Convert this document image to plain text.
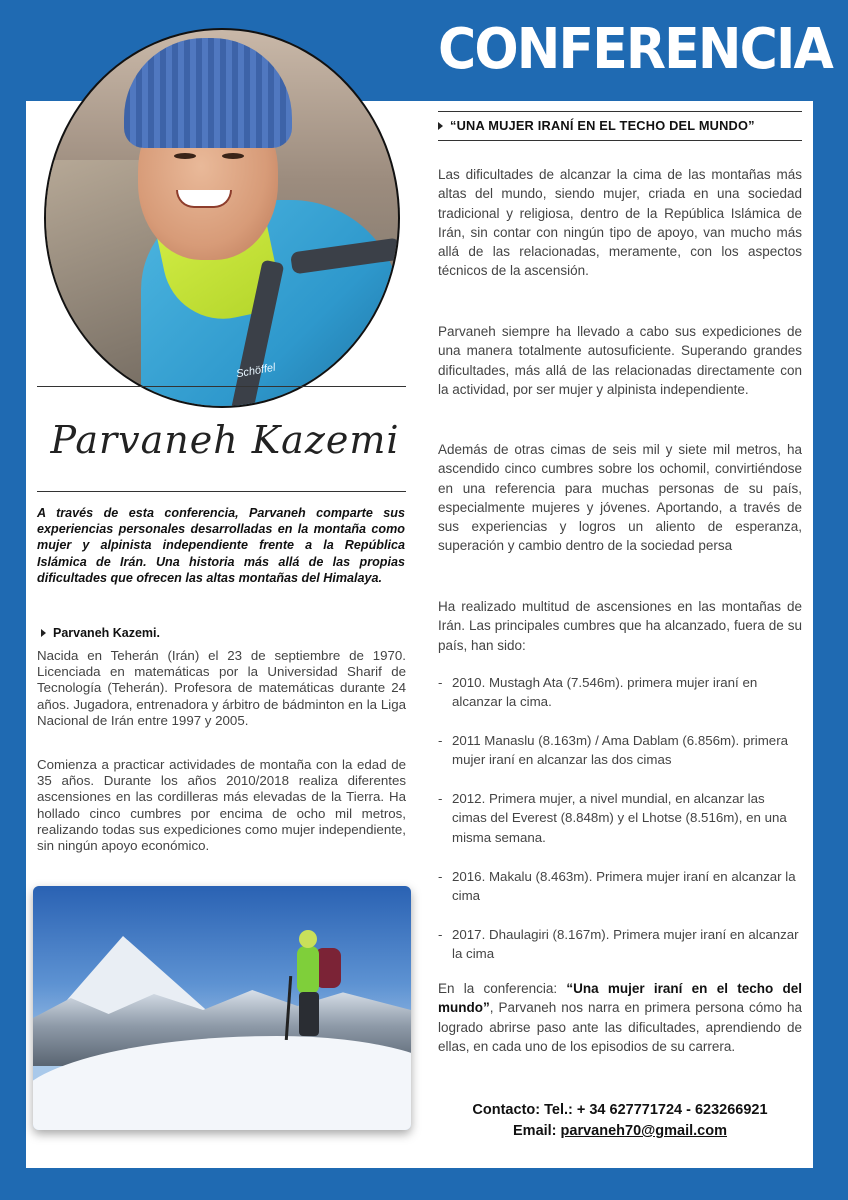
CONFERENCIA
Schöffel
Parvaneh Kazemi
A través de esta conferencia, Parvaneh comparte sus experiencias personales desarrolladas en la montaña como mujer y alpinista independiente frente a la República Islámica de Irán. Una historia más allá de las propias dificultades que ofrecen las altas montañas del Himalaya.
Parvaneh Kazemi.
Nacida en Teherán (Irán) el 23 de septiembre de 1970. Licenciada en matemáticas por la Universidad Sharif de Tecnología (Teherán). Profesora de matemáticas durante 24 años. Jugadora, entrenadora y árbitro de bádminton en la Liga Nacional de Irán entre 1997 y 2005.
Comienza a practicar actividades de montaña con la edad de 35 años. Durante los años 2010/2018 realiza diferentes ascensiones en las cordilleras más elevadas de la Tierra. Ha hollado cinco cumbres por encima de ocho mil metros, realizando todas sus expediciones como mujer independiente, sin ningún apoyo económico.
“UNA MUJER IRANÍ EN EL TECHO DEL MUNDO”
Las dificultades de alcanzar la cima de las montañas más altas del mundo, siendo mujer, criada en una sociedad tradicional y religiosa, dentro de la República Islámica de Irán, sin contar con ningún tipo de apoyo, van mucho más allá de las relacionadas, meramente, con los aspectos técnicos de la ascensión.
Parvaneh siempre ha llevado a cabo sus expediciones de una manera totalmente autosuficiente. Superando grandes dificultades, más allá de las relacionadas directamente con la actividad, por ser mujer y alpinista independiente.
Además de otras cimas de seis mil y siete mil metros, ha ascendido cinco cumbres sobre los ochomil, convirtiéndose en una referencia para muchas personas de su país, especialmente mujeres y jóvenes. Aportando, a través de sus experiencias y logros un aliento de esperanza, superación y cambio dentro de la sociedad persa
Ha realizado multitud de ascensiones en las montañas de Irán. Las principales cumbres que ha alcanzado, fuera de su país, han sido:
- 2010. Mustagh Ata (7.546m). primera mujer iraní en alcanzar la cima.
- 2011 Manaslu (8.163m) / Ama Dablam (6.856m). primera mujer iraní en alcanzar las dos cimas
- 2012. Primera mujer, a nivel mundial, en alcanzar las cimas del Everest (8.848m) y el Lhotse (8.516m), en una misma semana.
- 2016. Makalu (8.463m). Primera mujer iraní en alcanzar la cima
- 2017. Dhaulagiri (8.167m). Primera mujer iraní en alcanzar la cima
En la conferencia: “Una mujer iraní en el techo del mundo”, Parvaneh nos narra en primera persona cómo ha logrado abrirse paso ante las dificultades, aprendiendo de ellas, en cada uno de los episodios de su carrera.
Contacto: Tel.: + 34 627771724 - 623266921
Email: parvaneh70@gmail.com
